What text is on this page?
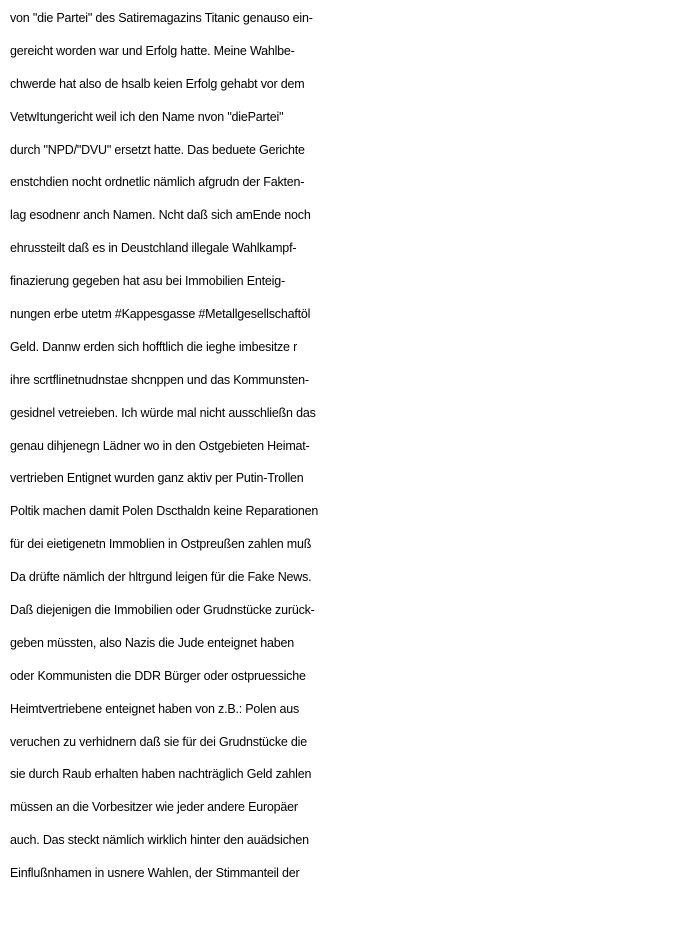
von "die Partei" des Satiremagazins Titanic genauso ein-
gereicht worden war und Erfolg hatte. Meine Wahlbe-
chwerde hat also de hsalb keien Erfolg gehabt vor dem
VetwItungericht weil ich den Name nvon "diePartei"
durch "NPD/"DVU" ersetzt hatte. Das beduete Gerichte
enstchdien nocht ordnetlic nämlich afgrudn der Fakten-
lag esodnenr anch Namen. Ncht daß sich amEnde noch
ehrussteilt daß es in Deustchland illegale Wahlkampf-
finazierung gegeben hat asu bei Immobilien Enteig-
nungen erbe utetm #Kappesgasse #Metallgesellschaftöl
Geld. Dannw erden sich hofftlich die ieghe imbesitze r
ihre scrtflinetnudnstae shcnppen und das Kommunsten-
gesidnel vetreieben. Ich würde mal nicht ausschließn das
genau dihjenegn Lädner wo in den Ostgebieten Heimat-
vertrieben Entignet wurden ganz aktiv per Putin-Trollen
Poltik machen damit Polen Dscthaldn keine Reparationen
für dei eietigenetn Immoblien in Ostpreußen zahlen muß
Da drüfte nämlich der hltrgund leigen für die Fake News.
Daß diejenigen die Immobilien oder Grudnstücke zurück-
geben müssten, also Nazis die Jude enteignet haben
oder Kommunisten die DDR Bürger oder ostpruessiche
Heimtvertriebene enteignet haben von z.B.: Polen aus
veruchen zu verhidnern daß sie für dei Grudnstücke die
sie durch Raub erhalten haben nachträglich Geld zahlen
müssen an die Vorbesitzer wie jeder andere Europäer
auch. Das steckt nämlich wirklich hinter den auädsichen
Einflußnhamen in usnere Wahlen, der Stimmanteil der
